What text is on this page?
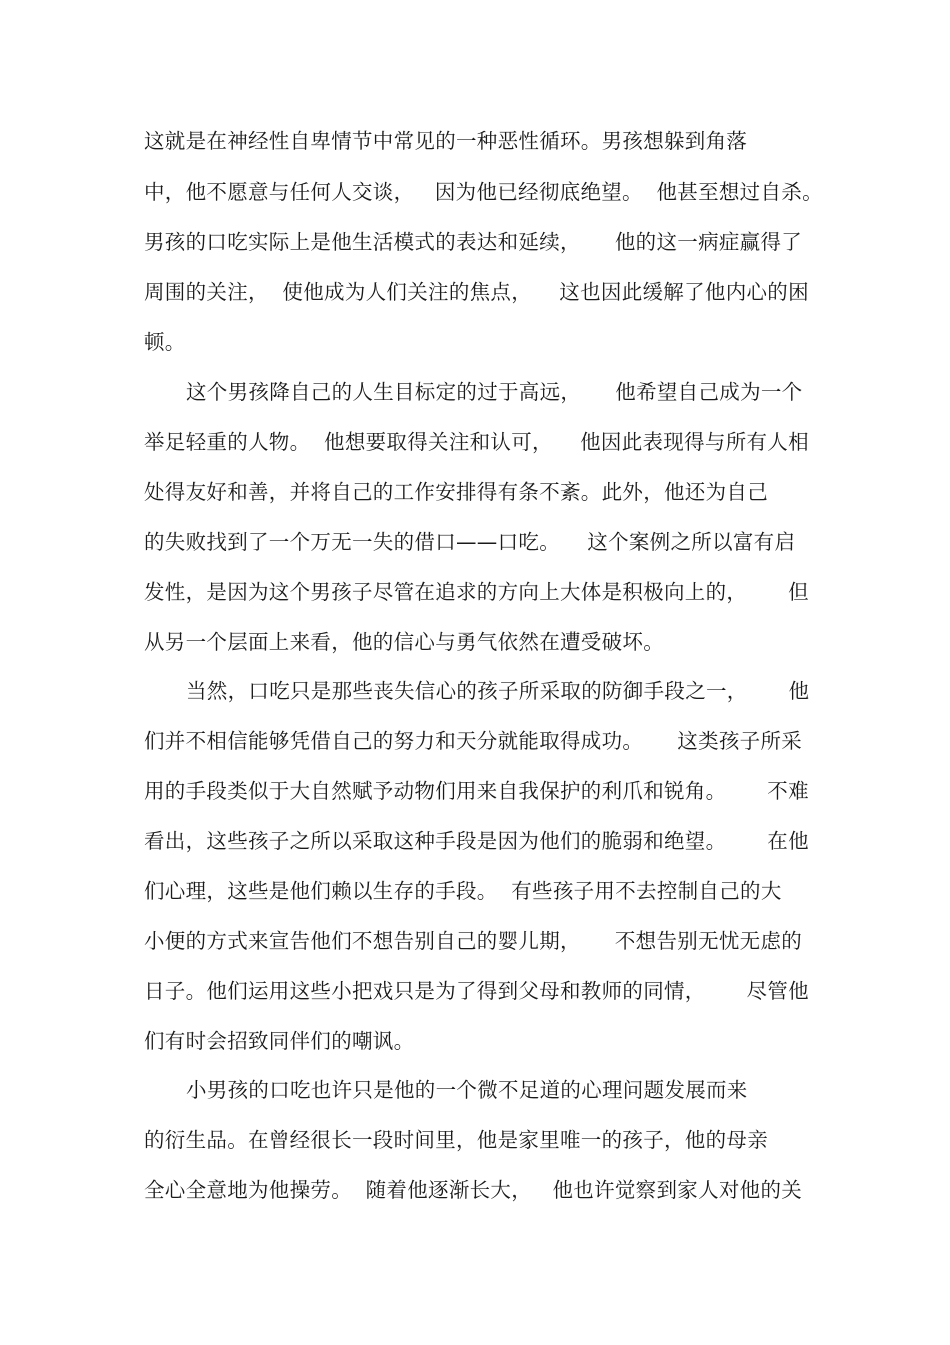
这就是在神经性自卑情节中常见的一种恶性循环。男孩想躲到角落
中，他不愿意与任何人交谈，   因为他已经彻底绝望。  他甚至想过自杀。
男孩的口吃实际上是他生活模式的表达和延续，     他的这一病症赢得了
周围的关注，  使他成为人们关注的焦点，    这也因此缓解了他内心的困
顿。
这个男孩降自己的人生目标定的过于高远，     他希望自己成为一个
举足轻重的人物。  他想要取得关注和认可，    他因此表现得与所有人相
处得友好和善，并将自己的工作安排得有条不紊。此外，他还为自己
的失败找到了一个万无一失的借口——口吃。    这个案例之所以富有启
发性，是因为这个男孩子尽管在追求的方向上大体是积极向上的，      但
从另一个层面上来看，他的信心与勇气依然在遭受破坏。
当然，口吃只是那些丧失信心的孩子所采取的防御手段之一，      他
们并不相信能够凭借自己的努力和天分就能取得成功。     这类孩子所采
用的手段类似于大自然赋予动物们用来自我保护的利爪和锐角。      不难
看出，这些孩子之所以采取这种手段是因为他们的脆弱和绝望。      在他
们心理，这些是他们赖以生存的手段。  有些孩子用不去控制自己的大
小便的方式来宣告他们不想告别自己的婴儿期，     不想告别无忧无虑的
日子。他们运用这些小把戏只是为了得到父母和教师的同情，      尽管他
们有时会招致同伴们的嘲讽。
小男孩的口吃也许只是他的一个微不足道的心理问题发展而来
的衍生品。在曾经很长一段时间里，他是家里唯一的孩子，他的母亲
全心全意地为他操劳。  随着他逐渐长大，   他也许觉察到家人对他的关
